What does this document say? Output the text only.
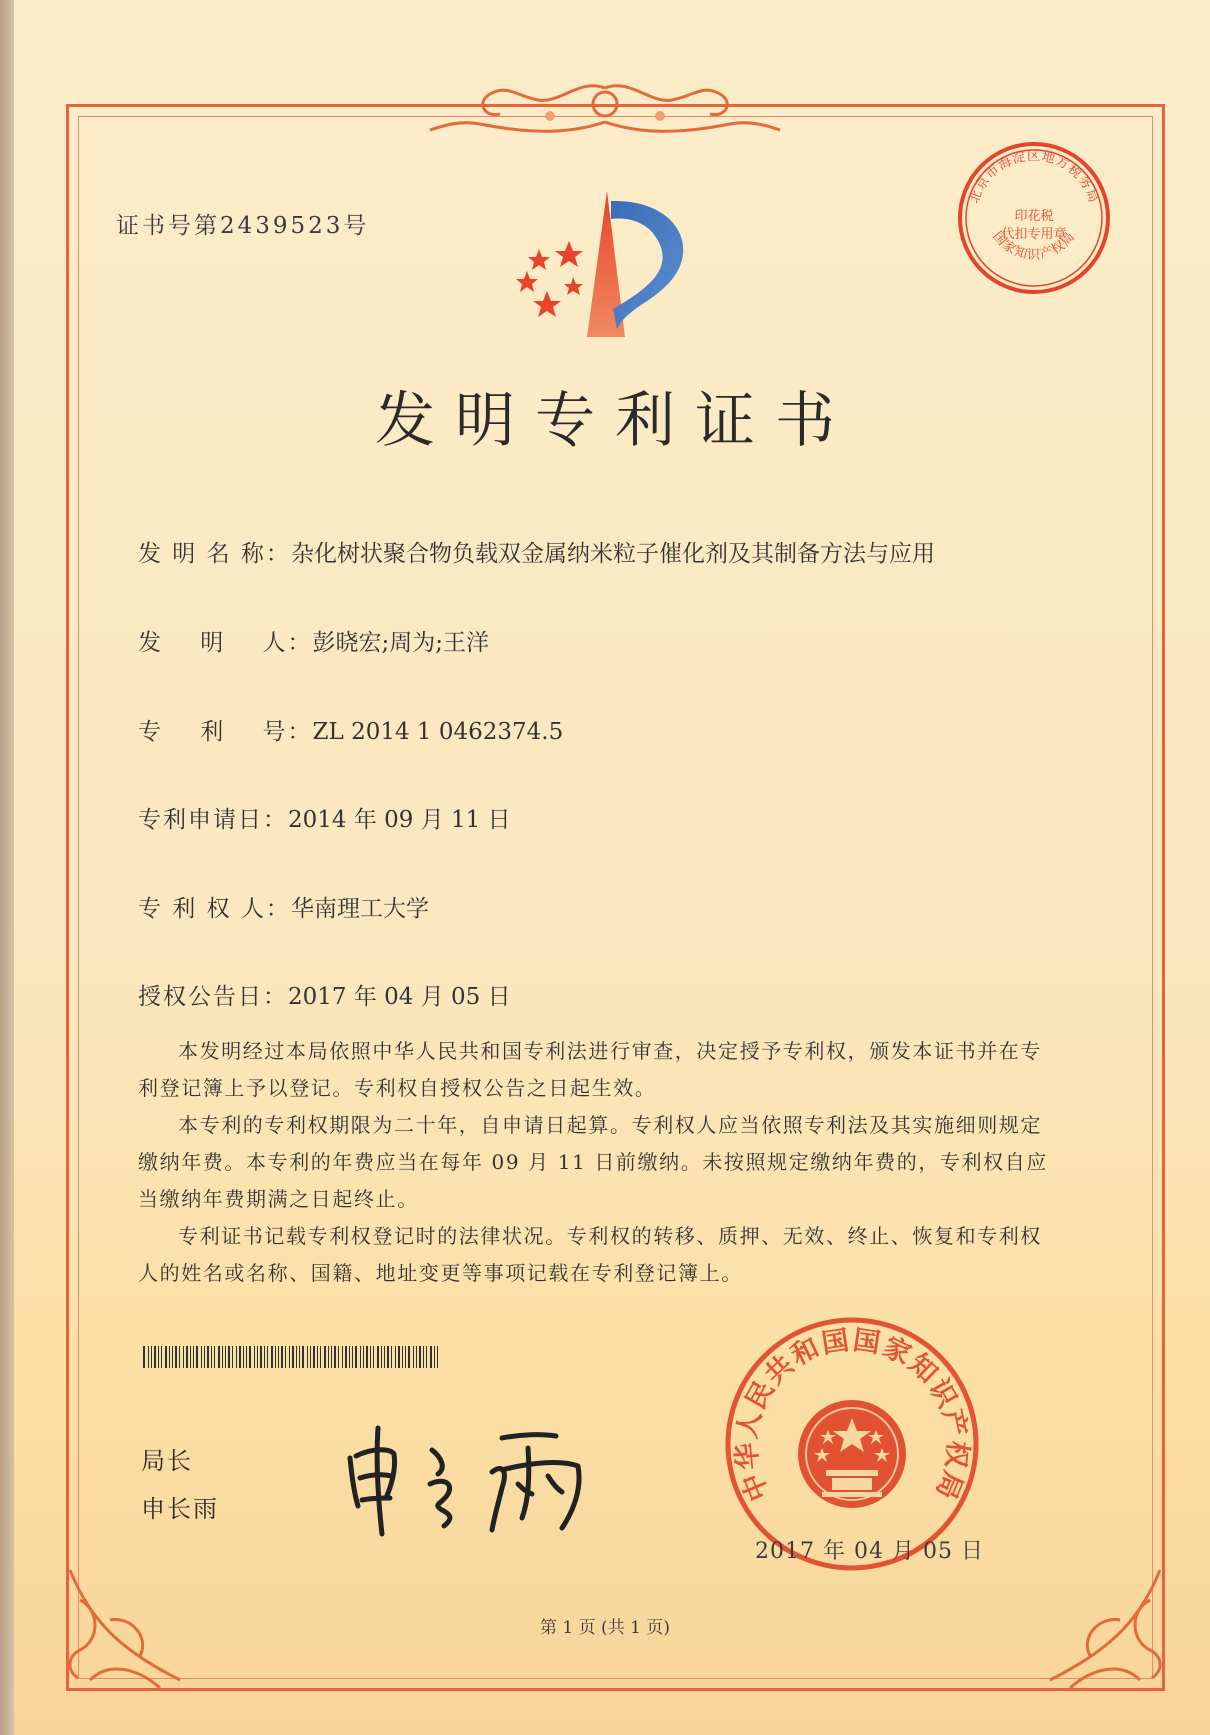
证书号第2439523号
发明专利证书
发 明 名 称：杂化树状聚合物负载双金属纳米粒子催化剂及其制备方法与应用
发    明    人：彭晓宏;周为;王洋
专    利    号：ZL 2014 1 0462374.5
专利申请日：2014 年 09 月 11 日
专 利 权 人：华南理工大学
授权公告日：2017 年 04 月 05 日

本发明经过本局依照中华人民共和国专利法进行审查，决定授予专利权，颁发本证书并在专利登记簿上予以登记。专利权自授权公告之日起生效。

本专利的专利权期限为二十年，自申请日起算。专利权人应当依照专利法及其实施细则规定缴纳年费。本专利的年费应当在每年 09 月 11 日前缴纳。未按照规定缴纳年费的，专利权自应当缴纳年费期满之日起终止。

专利证书记载专利权登记时的法律状况。专利权的转移、质押、无效、终止、恢复和专利权人的姓名或名称、国籍、地址变更等事项记载在专利登记簿上。

局长
申长雨
北京市海淀区地方税务局
印花税
代扣专用章
国家知识产权局
中华人民共和国国家知识产权局
2017 年 04 月 05 日
第 1 页 (共 1 页)
